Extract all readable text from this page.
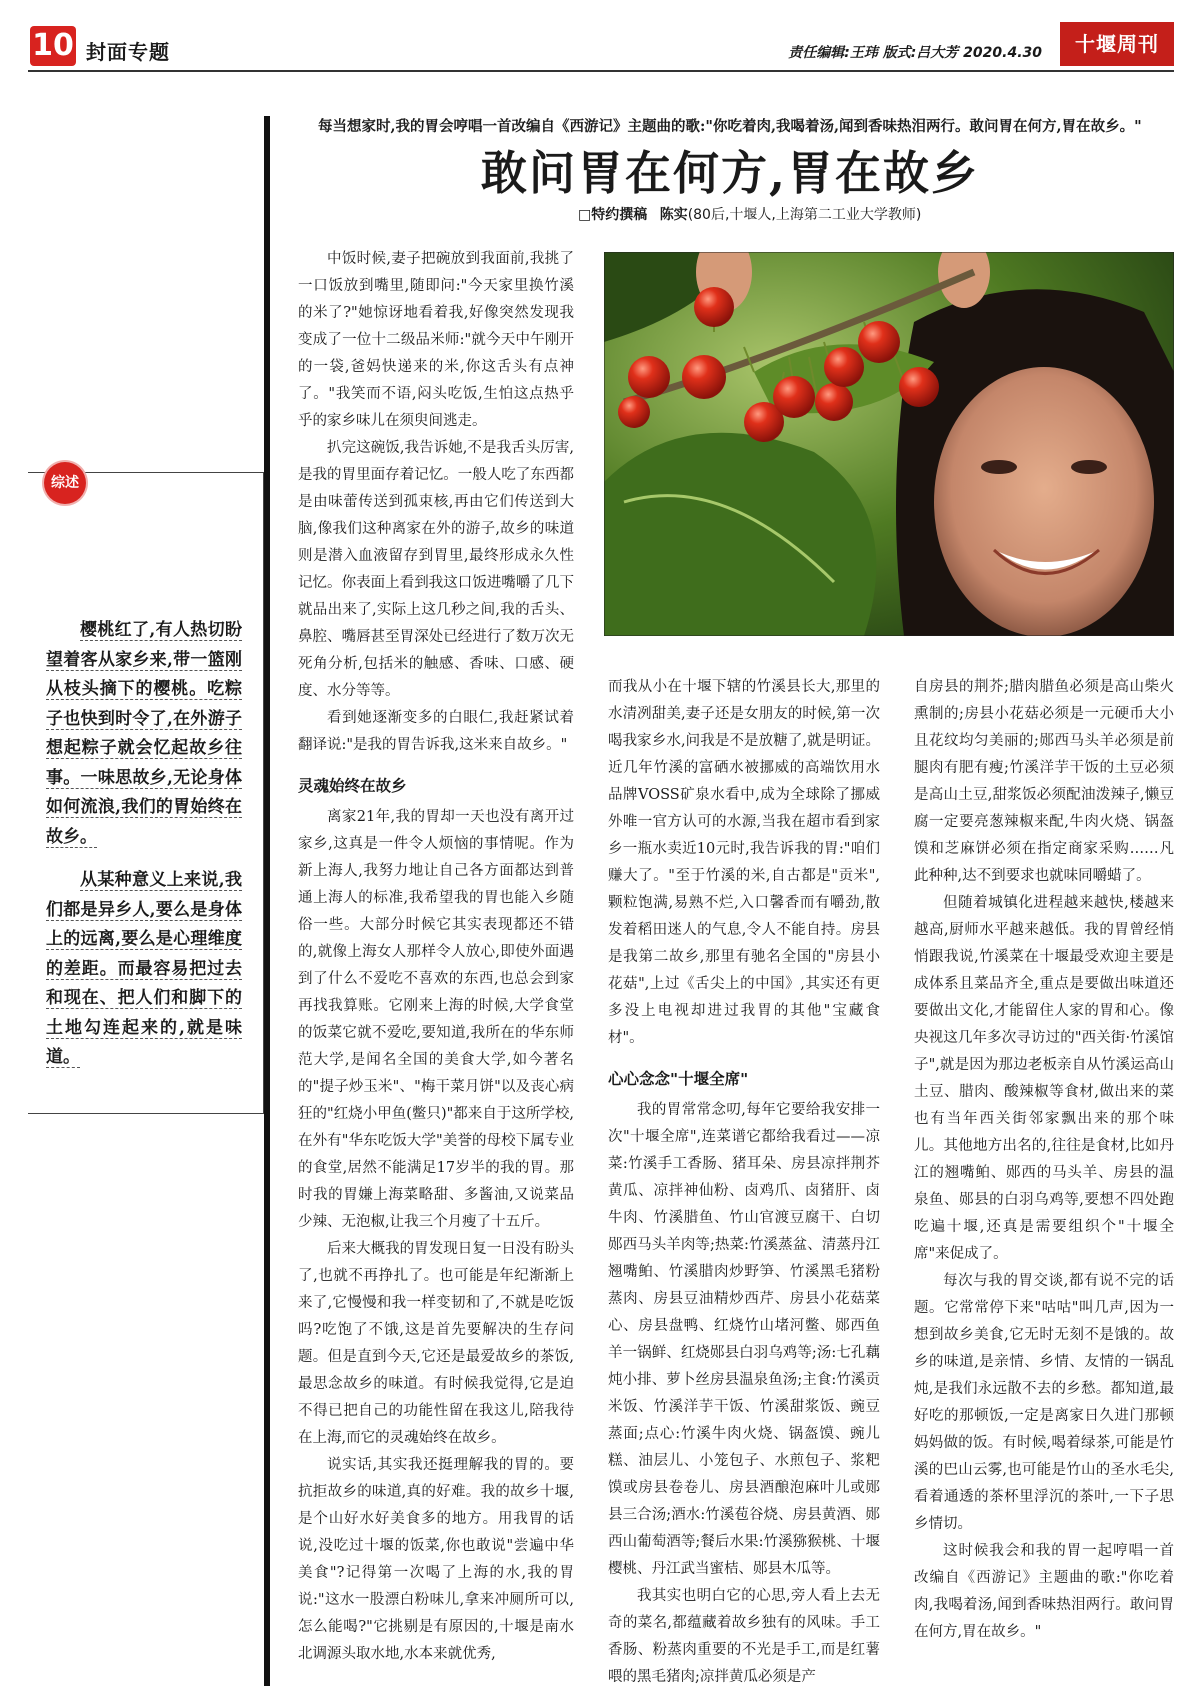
10 封面专题	责任编辑:王玮 版式:吕大芳 2020.4.30	十堰周刊
综述

樱桃红了,有人热切盼望着客从家乡来,带一篮刚从枝头摘下的樱桃。吃粽子也快到时令了,在外游子想起粽子就会忆起故乡往事。一味思故乡,无论身体如何流浪,我们的胃始终在故乡。

从某种意义上来说,我们都是异乡人,要么是身体上的远离,要么是心理维度的差距。而最容易把过去和现在、把人们和脚下的土地勾连起来的,就是味道。

每当想家时,我的胃会哼唱一首改编自《西游记》主题曲的歌:"你吃着肉,我喝着汤,闻到香味热泪两行。敢问胃在何方,胃在故乡。"
敢问胃在何方,胃在故乡
□特约撰稿 陈实(80后,十堰人,上海第二工业大学教师)

中饭时候,妻子把碗放到我面前,我挑了一口饭放到嘴里,随即问:"今天家里换竹溪的米了?"她惊讶地看着我,好像突然发现我变成了一位十二级品米师:"就今天中午刚开的一袋,爸妈快递来的米,你这舌头有点神了。"我笑而不语,闷头吃饭,生怕这点热乎乎的家乡味儿在须臾间逃走。

扒完这碗饭,我告诉她,不是我舌头厉害,是我的胃里面存着记忆。一般人吃了东西都是由味蕾传送到孤束核,再由它们传送到大脑,像我们这种离家在外的游子,故乡的味道则是潜入血液留存到胃里,最终形成永久性记忆。你表面上看到我这口饭进嘴嚼了几下就品出来了,实际上这几秒之间,我的舌头、鼻腔、嘴唇甚至胃深处已经进行了数万次无死角分析,包括米的触感、香味、口感、硬度、水分等等。

看到她逐渐变多的白眼仁,我赶紧试着翻译说:"是我的胃告诉我,这米来自故乡。"

灵魂始终在故乡

离家21年,我的胃却一天也没有离开过家乡,这真是一件令人烦恼的事情呢。作为新上海人,我努力地让自己各方面都达到普通上海人的标准,我希望我的胃也能入乡随俗一些。大部分时候它其实表现都还不错的,就像上海女人那样令人放心,即使外面遇到了什么不爱吃不喜欢的东西,也总会到家再找我算账。它刚来上海的时候,大学食堂的饭菜它就不爱吃,要知道,我所在的华东师范大学,是闻名全国的美食大学,如今著名的"提子炒玉米"、"梅干菜月饼"以及丧心病狂的"红烧小甲鱼(鳖只)"都来自于这所学校,在外有"华东吃饭大学"美誉的母校下属专业的食堂,居然不能满足17岁半的我的胃。那时我的胃嫌上海菜略甜、多酱油,又说菜品少辣、无泡椒,让我三个月瘦了十五斤。

后来大概我的胃发现日复一日没有盼头了,也就不再挣扎了。也可能是年纪渐渐上来了,它慢慢和我一样变韧和了,不就是吃饭吗?吃饱了不饿,这是首先要解决的生存问题。但是直到今天,它还是最爱故乡的茶饭,最思念故乡的味道。有时候我觉得,它是迫不得已把自己的功能性留在我这儿,陪我待在上海,而它的灵魂始终在故乡。

说实话,其实我还挺理解我的胃的。要抗拒故乡的味道,真的好难。我的故乡十堰,是个山好水好美食多的地方。用我胃的话说,没吃过十堰的饭菜,你也敢说"尝遍中华美食"?记得第一次喝了上海的水,我的胃说:"这水一股漂白粉味儿,拿来冲厕所可以,怎么能喝?"它挑剔是有原因的,十堰是南水北调源头取水地,水本来就优秀,

而我从小在十堰下辖的竹溪县长大,那里的水清冽甜美,妻子还是女朋友的时候,第一次喝我家乡水,问我是不是放糖了,就是明证。近几年竹溪的富硒水被挪威的高端饮用水品牌VOSS矿泉水看中,成为全球除了挪威外唯一官方认可的水源,当我在超市看到家乡一瓶水卖近10元时,我告诉我的胃:"咱们赚大了。"至于竹溪的米,自古都是"贡米",颗粒饱满,易熟不烂,入口馨香而有嚼劲,散发着稻田迷人的气息,令人不能自持。房县是我第二故乡,那里有驰名全国的"房县小花菇",上过《舌尖上的中国》,其实还有更多没上电视却进过我胃的其他"宝藏食材"。

心心念念"十堰全席"

我的胃常常念叨,每年它要给我安排一次"十堰全席",连菜谱它都给我看过——凉菜:竹溪手工香肠、猪耳朵、房县凉拌荆芥黄瓜、凉拌神仙粉、卤鸡爪、卤猪肝、卤牛肉、竹溪腊鱼、竹山官渡豆腐干、白切郧西马头羊肉等;热菜:竹溪蒸盆、清蒸丹江翘嘴鲌、竹溪腊肉炒野笋、竹溪黑毛猪粉蒸肉、房县豆油精炒西芹、房县小花菇菜心、房县盘鸭、红烧竹山堵河鳖、郧西鱼羊一锅鲜、红烧郧县白羽乌鸡等;汤:七孔藕炖小排、萝卜丝房县温泉鱼汤;主食:竹溪贡米饭、竹溪洋芋干饭、竹溪甜浆饭、豌豆蒸面;点心:竹溪牛肉火烧、锅盔馍、豌儿糕、油层儿、小笼包子、水煎包子、浆粑馍或房县卷卷儿、房县酒酿泡麻叶儿或郧县三合汤;酒水:竹溪苞谷烧、房县黄酒、郧西山葡萄酒等;餐后水果:竹溪猕猴桃、十堰樱桃、丹江武当蜜桔、郧县木瓜等。

我其实也明白它的心思,旁人看上去无奇的菜名,都蕴藏着故乡独有的风味。手工香肠、粉蒸肉重要的不光是手工,而是红薯喂的黑毛猪肉;凉拌黄瓜必须是产

自房县的荆芥;腊肉腊鱼必须是高山柴火熏制的;房县小花菇必须是一元硬币大小且花纹均匀美丽的;郧西马头羊必须是前腿肉有肥有瘦;竹溪洋芋干饭的土豆必须是高山土豆,甜浆饭必须配油泼辣子,懒豆腐一定要亮葱辣椒来配,牛肉火烧、锅盔馍和芝麻饼必须在指定商家采购……凡此种种,达不到要求也就味同嚼蜡了。

但随着城镇化进程越来越快,楼越来越高,厨师水平越来越低。我的胃曾经悄悄跟我说,竹溪菜在十堰最受欢迎主要是成体系且菜品齐全,重点是要做出味道还要做出文化,才能留住人家的胃和心。像央视这几年多次寻访过的"西关街·竹溪馆子",就是因为那边老板亲自从竹溪运高山土豆、腊肉、酸辣椒等食材,做出来的菜也有当年西关街邻家飘出来的那个味儿。其他地方出名的,往往是食材,比如丹江的翘嘴鲌、郧西的马头羊、房县的温泉鱼、郧县的白羽乌鸡等,要想不四处跑吃遍十堰,还真是需要组织个"十堰全席"来促成了。

每次与我的胃交谈,都有说不完的话题。它常常停下来"咕咕"叫几声,因为一想到故乡美食,它无时无刻不是饿的。故乡的味道,是亲情、乡情、友情的一锅乱炖,是我们永远散不去的乡愁。都知道,最好吃的那顿饭,一定是离家日久进门那顿妈妈做的饭。有时候,喝着绿茶,可能是竹溪的巴山云雾,也可能是竹山的圣水毛尖,看着通透的茶杯里浮沉的茶叶,一下子思乡情切。

这时候我会和我的胃一起哼唱一首改编自《西游记》主题曲的歌:"你吃着肉,我喝着汤,闻到香味热泪两行。敢问胃在何方,胃在故乡。"
